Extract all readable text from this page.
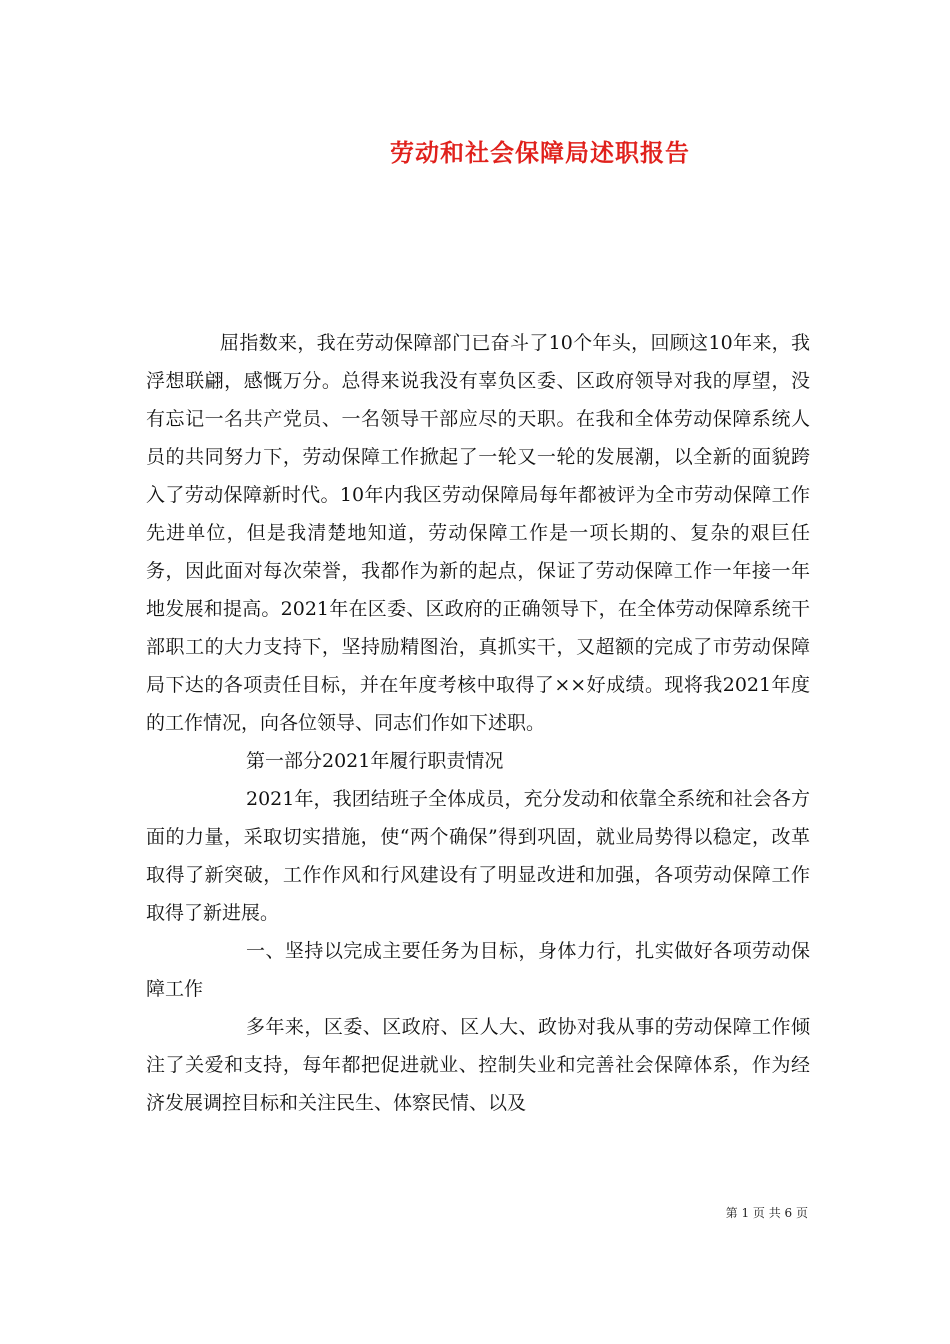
劳动和社会保障局述职报告

屈指数来，我在劳动保障部门已奋斗了10个年头，回顾这10年来，我浮想联翩，感慨万分。总得来说我没有辜负区委、区政府领导对我的厚望，没有忘记一名共产党员、一名领导干部应尽的天职。在我和全体劳动保障系统人员的共同努力下，劳动保障工作掀起了一轮又一轮的发展潮，以全新的面貌跨入了劳动保障新时代。10年内我区劳动保障局每年都被评为全市劳动保障工作先进单位，但是我清楚地知道，劳动保障工作是一项长期的、复杂的艰巨任务，因此面对每次荣誉，我都作为新的起点，保证了劳动保障工作一年接一年地发展和提高。2021年在区委、区政府的正确领导下，在全体劳动保障系统干部职工的大力支持下，坚持励精图治，真抓实干，又超额的完成了市劳动保障局下达的各项责任目标，并在年度考核中取得了××好成绩。现将我2021年度的工作情况，向各位领导、同志们作如下述职。

第一部分2021年履行职责情况

2021年，我团结班子全体成员，充分发动和依靠全系统和社会各方面的力量，采取切实措施，使“两个确保”得到巩固，就业局势得以稳定，改革取得了新突破，工作作风和行风建设有了明显改进和加强，各项劳动保障工作取得了新进展。

一、坚持以完成主要任务为目标，身体力行，扎实做好各项劳动保障工作

多年来，区委、区政府、区人大、政协对我从事的劳动保障工作倾注了关爱和支持，每年都把促进就业、控制失业和完善社会保障体系，作为经济发展调控目标和关注民生、体察民情、以及

第 1 页 共 6 页
